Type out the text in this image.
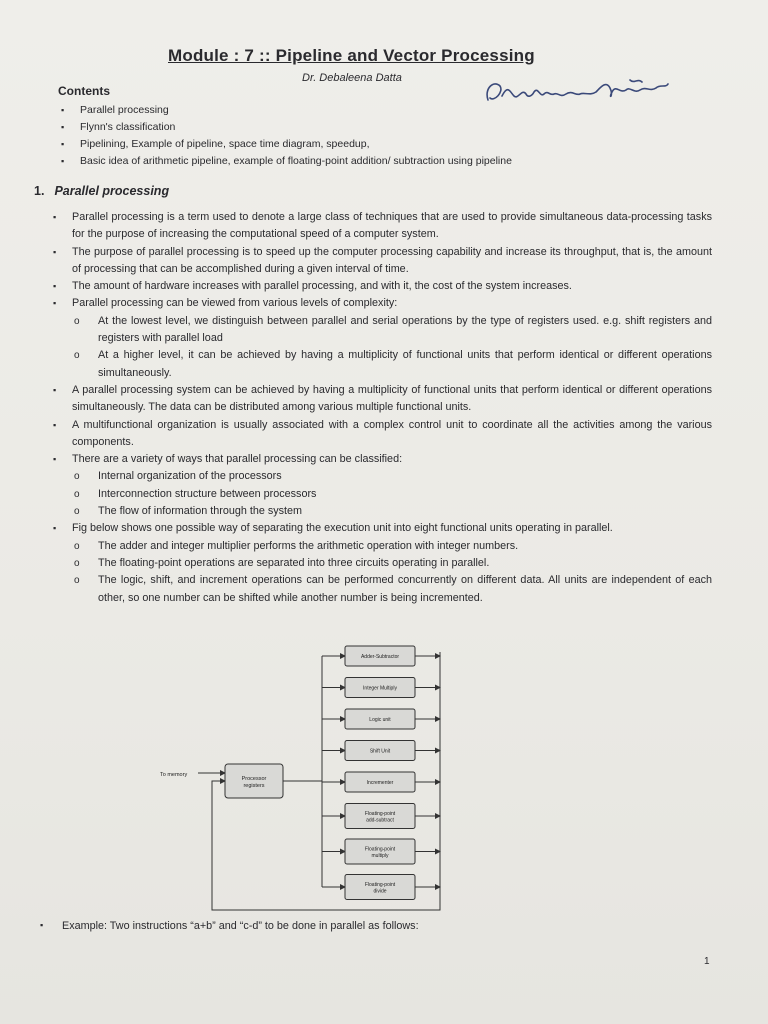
Module : 7 :: Pipeline and Vector Processing

Dr. Debaleena Datta

Contents
▪ Parallel processing
▪ Flynn's classification
▪ Pipelining, Example of pipeline, space time diagram, speedup,
▪ Basic idea of arithmetic pipeline, example of floating-point addition/ subtraction using pipeline
1. Parallel processing
▪ Parallel processing is a term used to denote a large class of techniques that are used to provide simultaneous data-processing tasks for the purpose of increasing the computational speed of a computer system.
▪ The purpose of parallel processing is to speed up the computer processing capability and increase its throughput, that is, the amount of processing that can be accomplished during a given interval of time.
▪ The amount of hardware increases with parallel processing, and with it, the cost of the system increases.
▪ Parallel processing can be viewed from various levels of complexity:
o At the lowest level, we distinguish between parallel and serial operations by the type of registers used. e.g. shift registers and registers with parallel load
o At a higher level, it can be achieved by having a multiplicity of functional units that perform identical or different operations simultaneously.
▪ A parallel processing system can be achieved by having a multiplicity of functional units that perform identical or different operations simultaneously. The data can be distributed among various multiple functional units.
▪ A multifunctional organization is usually associated with a complex control unit to coordinate all the activities among the various components.
▪ There are a variety of ways that parallel processing can be classified:
o Internal organization of the processors
o Interconnection structure between processors
o The flow of information through the system
▪ Fig below shows one possible way of separating the execution unit into eight functional units operating in parallel.
o The adder and integer multiplier performs the arithmetic operation with integer numbers.
o The floating-point operations are separated into three circuits operating in parallel.
o The logic, shift, and increment operations can be performed concurrently on different data. All units are independent of each other, so one number can be shifted while another number is being incremented.
Adder-Subtractor
Integer Multiply
Logic unit
Shift Unit
Incrementer
Floating-point
add-subtract
Floating-point
multiply
Floating-point
divide
Processor
registers
To memory

▪ Example: Two instructions “a+b” and “c-d” to be done in parallel as follows:

1
